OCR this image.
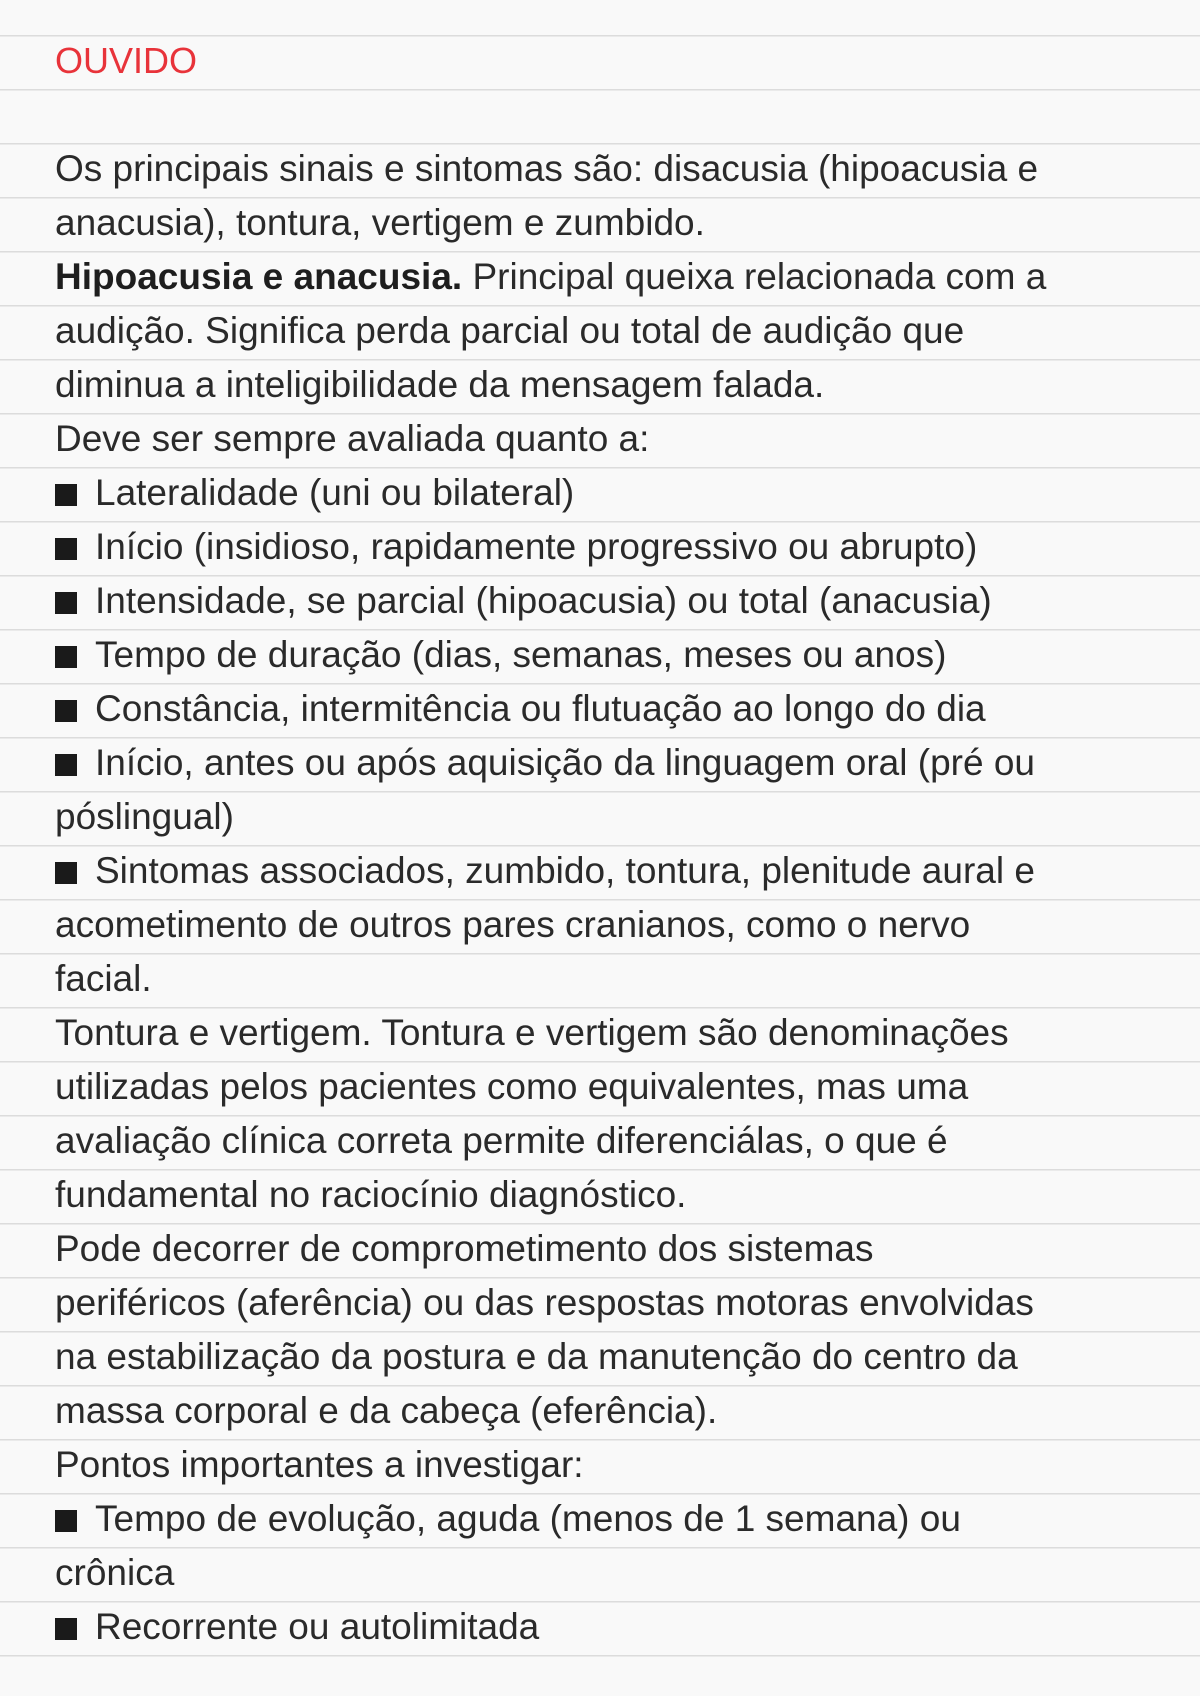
OUVIDO
Os principais sinais e sintomas são: disacusia (hipoacusia e
anacusia), tontura, vertigem e zumbido.
Hipoacusia e anacusia. Principal queixa relacionada com a
audição. Significa perda parcial ou total de audição que
diminua a inteligibilidade da mensagem falada.
Deve ser sempre avaliada quanto a:
Lateralidade (uni ou bilateral)
Início (insidioso, rapidamente progressivo ou abrupto)
Intensidade, se parcial (hipoacusia) ou total (anacusia)
Tempo de duração (dias, semanas, meses ou anos)
Constância, intermitência ou flutuação ao longo do dia
Início, antes ou após aquisição da linguagem oral (pré ou
póslingual)
Sintomas associados, zumbido, tontura, plenitude aural e
acometimento de outros pares cranianos, como o nervo
facial.
Tontura e vertigem. Tontura e vertigem são denominações
utilizadas pelos pacientes como equivalentes, mas uma
avaliação clínica correta permite diferenciálas, o que é
fundamental no raciocínio diagnóstico.
Pode decorrer de comprometimento dos sistemas
periféricos (aferência) ou das respostas motoras envolvidas
na estabilização da postura e da manutenção do centro da
massa corporal e da cabeça (eferência).
Pontos importantes a investigar:
Tempo de evolução, aguda (menos de 1 semana) ou
crônica
Recorrente ou autolimitada
